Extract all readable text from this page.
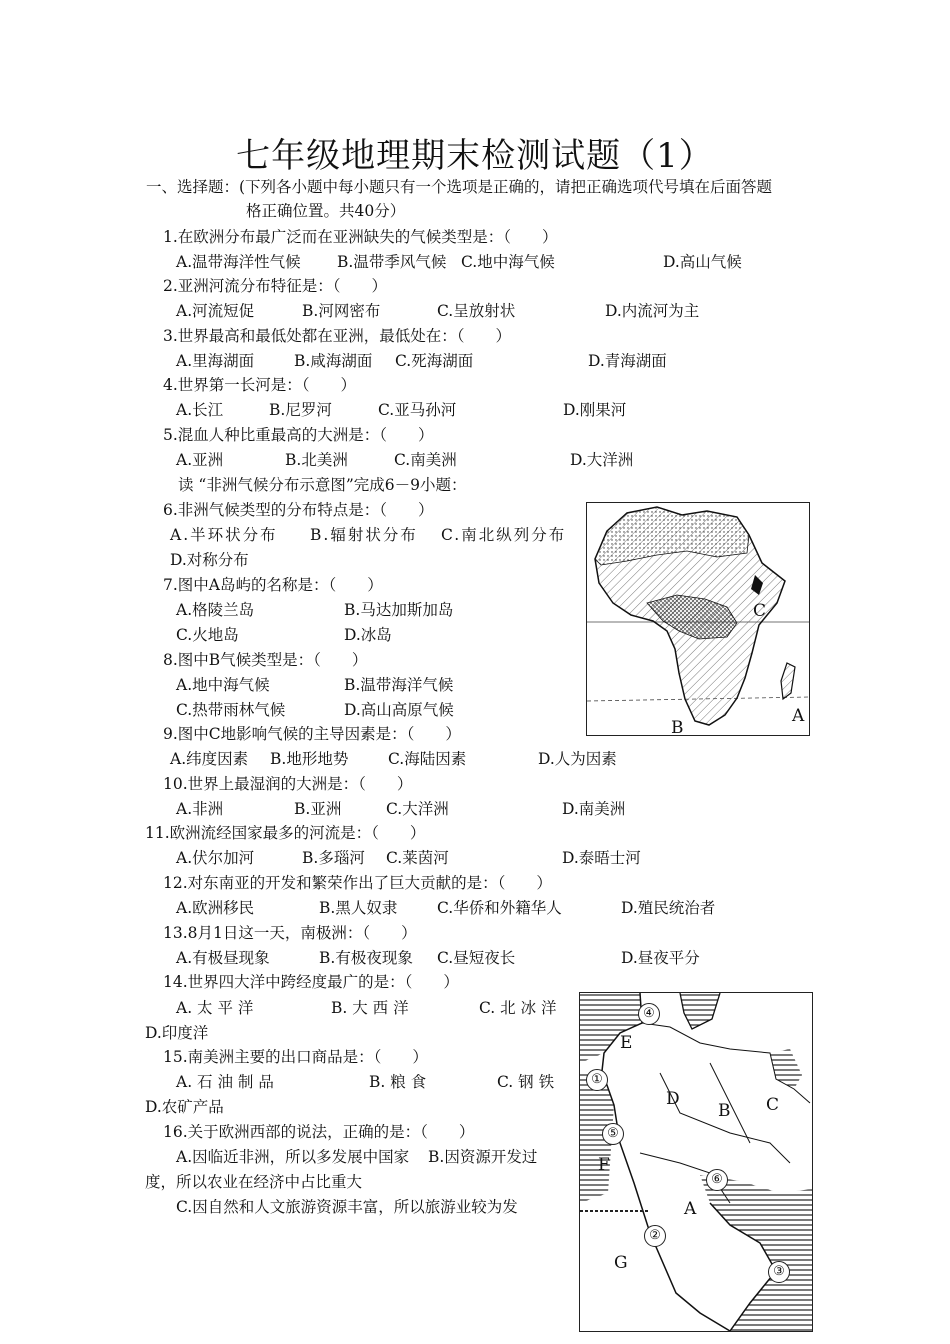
七年级地理期末检测试题（1）
一、选择题：(下列各小题中每小题只有一个选项是正确的，请把正确选项代号填在后面答题
格正确位置。共40分）
1.在欧洲分布最广泛而在亚洲缺失的气候类型是：（　　）
A.温带海洋性气候 B.温带季风气候 C.地中海气候	D.高山气候
2.亚洲河流分布特征是：（　　）
A.河流短促	B.河网密布	C.呈放射状	D.内流河为主
3.世界最高和最低处都在亚洲，最低处在：（　　）
A.里海湖面	B.咸海湖面 C.死海湖面	D.青海湖面
4.世界第一长河是：（　　）
A.长江	B.尼罗河	C.亚马孙河	D.刚果河
5.混血人种比重最高的大洲是：（　　）
A.亚洲	B.北美洲	C.南美洲	D.大洋洲
读 “非洲气候分布示意图”完成6－9小题：
6.非洲气候类型的分布特点是：（　　）
A.半环状分布 B.辐射状分布 C.南北纵列分布
D.对称分布
7.图中A岛屿的名称是：（　　）
A.格陵兰岛	B.马达加斯加岛
C.火地岛	D.冰岛
8.图中B气候类型是：（　　）
A.地中海气候	B.温带海洋气候
C.热带雨林气候	D.高山高原气候
9.图中C地影响气候的主导因素是：（　　）
A.纬度因素 B.地形地势	C.海陆因素	D.人为因素
10.世界上最湿润的大洲是：（　　）
A.非洲	B.亚洲	C.大洋洲	D.南美洲
11.欧洲流经国家最多的河流是：（　　）
A.伏尔加河	B.多瑙河 C.莱茵河	D.泰晤士河
12.对东南亚的开发和繁荣作出了巨大贡献的是：（　　）
A.欧洲移民	B.黑人奴隶	C.华侨和外籍华人	D.殖民统治者
13.8月1日这一天，南极洲：（　　）
A.有极昼现象	B.有极夜现象 C.昼短夜长	D.昼夜平分
14.世界四大洋中跨经度最广的是：（　　）
A. 太 平 洋	B. 大 西 洋	C. 北 冰 洋
D.印度洋
15.南美洲主要的出口商品是：（　　）
A. 石 油 制 品	B. 粮 食	C. 钢 铁
D.农矿产品
16.关于欧洲西部的说法，正确的是：（　　）
A.因临近非洲，所以多发展中国家 B.因资源开发过
度，所以农业在经济中占比重大
C.因自然和人文旅游资源丰富，所以旅游业较为发
A
B
C
E
D
B C
F
A
G
④
①
⑤
⑥
②
③
